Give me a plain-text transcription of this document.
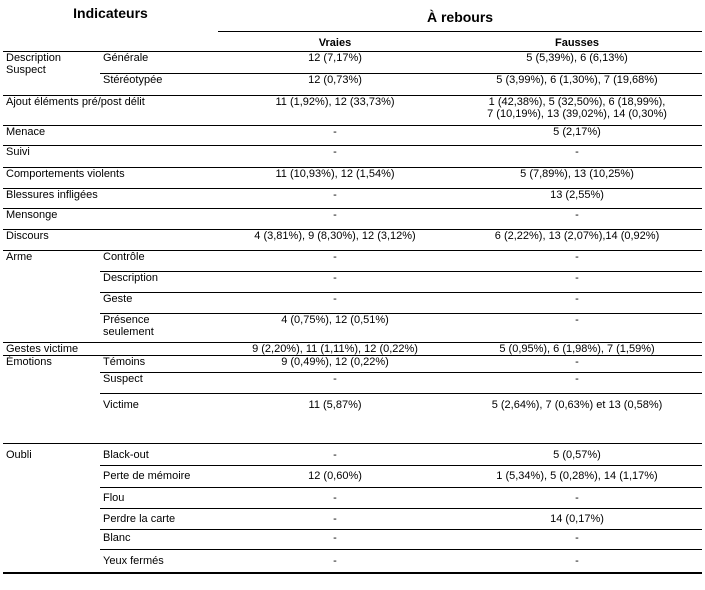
Indicateurs		À rebours	
		Vraies	Fausses
Description Suspect	Générale	12 (7,17%)	5 (5,39%), 6 (6,13%)
	Stéréotypée	12 (0,73%)	5 (3,99%), 6 (1,30%), 7 (19,68%)
Ajout éléments pré/post délit		11 (1,92%), 12 (33,73%)	1 (42,38%), 5 (32,50%), 6 (18,99%),
7 (10,19%), 13 (39,02%), 14 (0,30%)

Menace		-	5 (2,17%)
Suivi		-	-
Comportements violents		11 (10,93%), 12 (1,54%)	5 (7,89%), 13 (10,25%)
Blessures infligées		-	13 (2,55%)
Mensonge		-	-
Discours		4 (3,81%), 9 (8,30%), 12 (3,12%)	6 (2,22%), 13 (2,07%),14 (0,92%)
Arme	Contrôle	-	-
	Description	-	-
	Geste	-	-

	Présence
seulement	4 (0,75%), 12 (0,51%)	-
Gestes victime		9 (2,20%), 11 (1,11%), 12 (0,22%)	5 (0,95%), 6 (1,98%), 7 (1,59%)
Émotions	Témoins	9 (0,49%), 12 (0,22%)	-
	Suspect	-	-
	Victime	11 (5,87%)	5 (2,64%), 7 (0,63%) et 13 (0,58%)
Oubli	Black-out	-	5 (0,57%)
	Perte de mémoire	12 (0,60%)	1 (5,34%), 5 (0,28%), 14 (1,17%)
	Flou	-	-
	Perdre la carte	-	14 (0,17%)
	Blanc	-	-
	Yeux fermés	-	-
